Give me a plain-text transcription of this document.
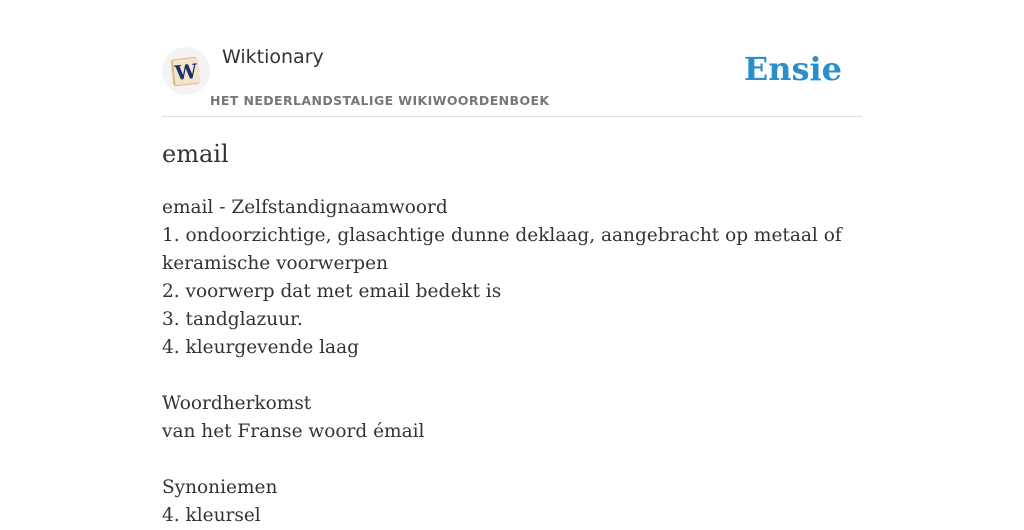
W
Wiktionary
HET NEDERLANDSTALIGE WIKIWOORDENBOEK
Ensie
email
email - Zelfstandignaamwoord
1. ondoorzichtige, glasachtige dunne deklaag, aangebracht op metaal of keramische voorwerpen
2. voorwerp dat met email bedekt is
3. tandglazuur.
4. kleurgevende laag
Woordherkomst
van het Franse woord émail
Synoniemen
4. kleursel
